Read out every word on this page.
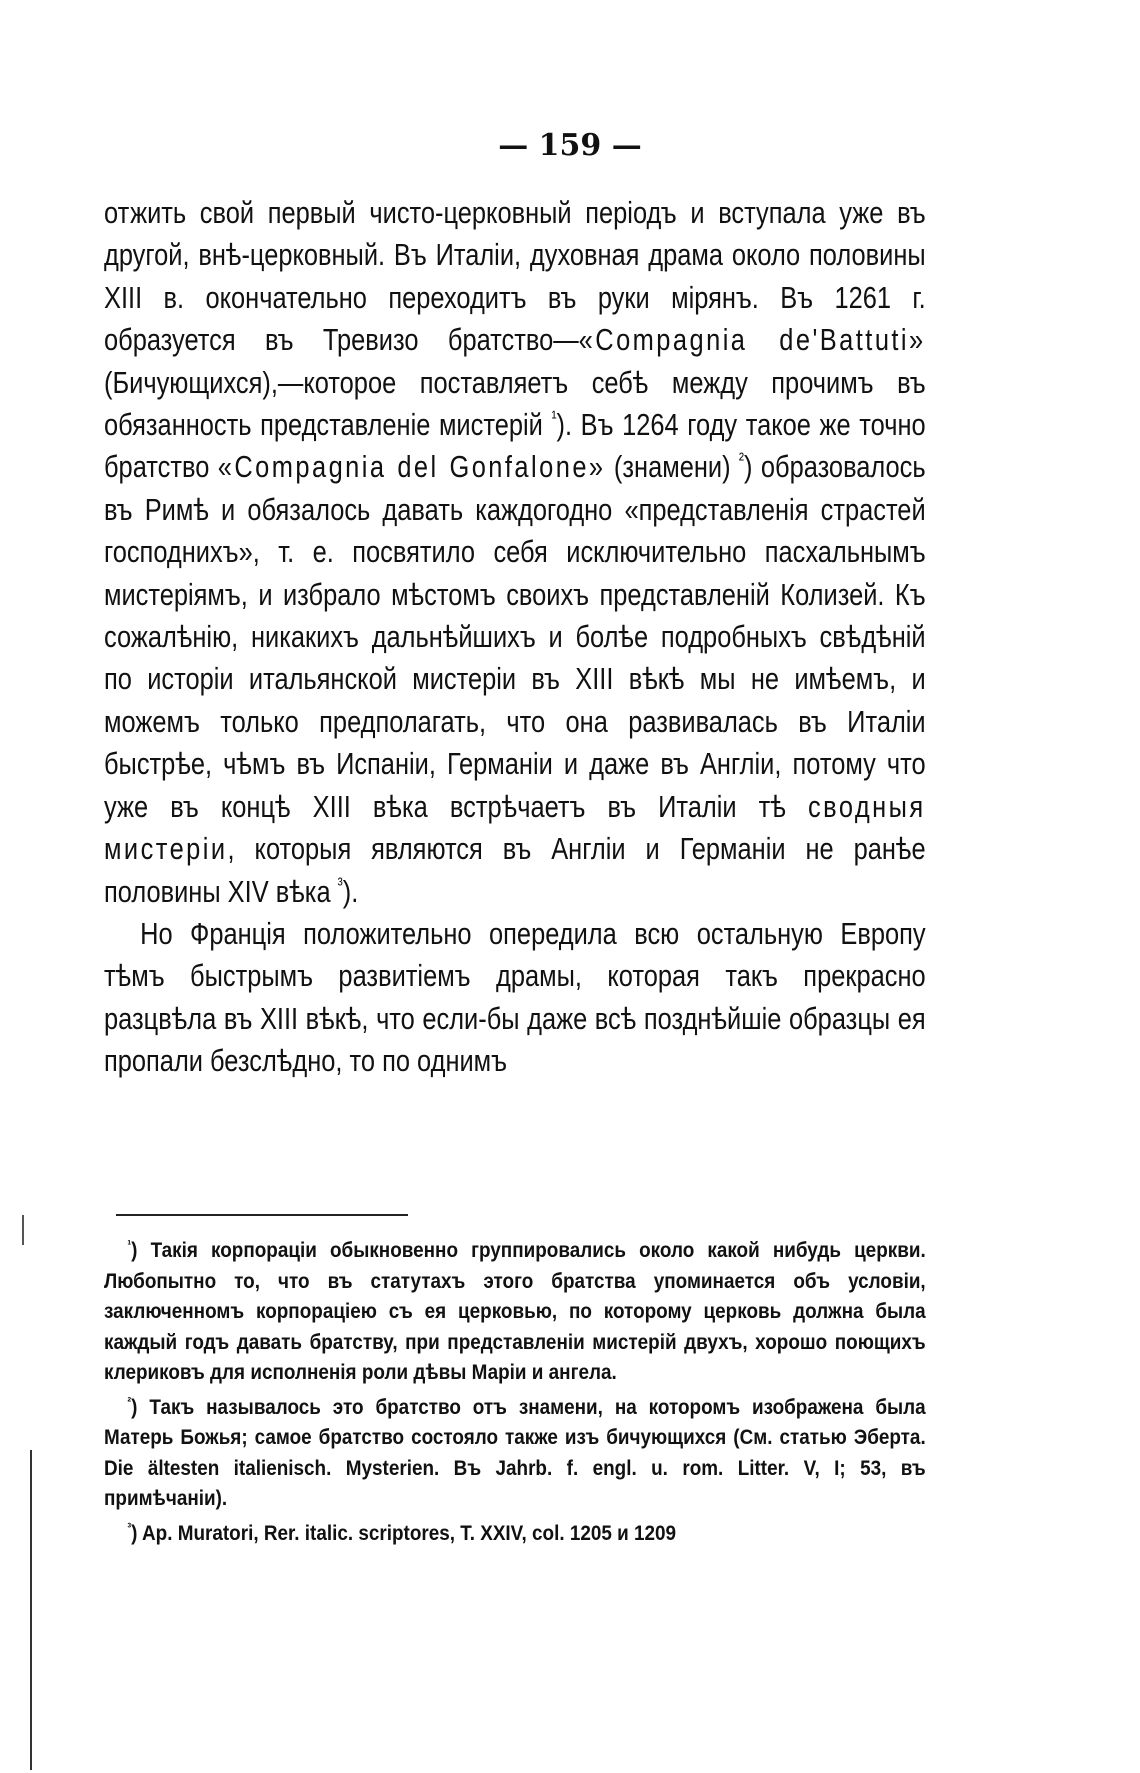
— 159 —

отжить свой первый чисто-церковный періодъ и вступала уже въ другой, внѣ-церковный. Въ Италіи, духовная драма около половины XIII в. окончательно переходитъ въ руки мірянъ. Въ 1261 г. образуется въ Тревизо братство—«Compagnia de'Battuti» (Бичующихся),—которое поставляетъ себѣ между прочимъ въ обязанность представленіе мистерій $^{^1}$). Въ 1264 году такое же точно братство «Compagnia del Gonfalone» (знамени) $^{^2}$) образовалось въ Римѣ и обязалось давать каждогодно «представленія страстей господнихъ», т. е. посвятило себя исключительно пасхальнымъ мистеріямъ, и избрало мѣстомъ своихъ представленій Колизей. Къ сожалѣнію, никакихъ дальнѣйшихъ и болѣе подробныхъ свѣдѣній по исторіи итальянской мистеріи въ XIII вѣкѣ мы не имѣемъ, и можемъ только предполагать, что она развивалась въ Италіи быстрѣе, чѣмъ въ Испаніи, Германіи и даже въ Англіи, потому что уже въ концѣ XIII вѣка встрѣчаетъ въ Италіи тѣ сводныя мистеріи, которыя являются въ Англіи и Германіи не ранѣе половины XIV вѣка $^{^3}$).

Но Франція положительно опередила всю остальную Европу тѣмъ быстрымъ развитіемъ драмы, которая такъ прекрасно разцвѣла въ XIII вѣкѣ, что если-бы даже всѣ позднѣйшіе образцы ея пропали безслѣдно, то по однимъ

$^{^1}$) Такія корпораціи обыкновенно группировались около какой нибудь церкви. Любопытно то, что въ статутахъ этого братства упоминается объ условіи, заключенномъ корпораціею съ ея церковью, по которому церковь должна была каждый годъ давать братству, при представленіи мистерій двухъ, хорошо поющихъ клериковъ для исполненія роли дѣвы Маріи и ангела.

$^{^2}$) Такъ называлось это братство отъ знамени, на которомъ изображена была Матерь Божья; самое братство состояло также изъ бичующихся (См. статью Эберта. Die ältesten italienisch. Mysterien. Въ Jahrb. f. engl. u. rom. Litter. V, I; 53, въ примѣчаніи).

$^{^3}$) Ap. Muratori, Rer. italic. scriptores, T. XXIV, col. 1205 и 1209
